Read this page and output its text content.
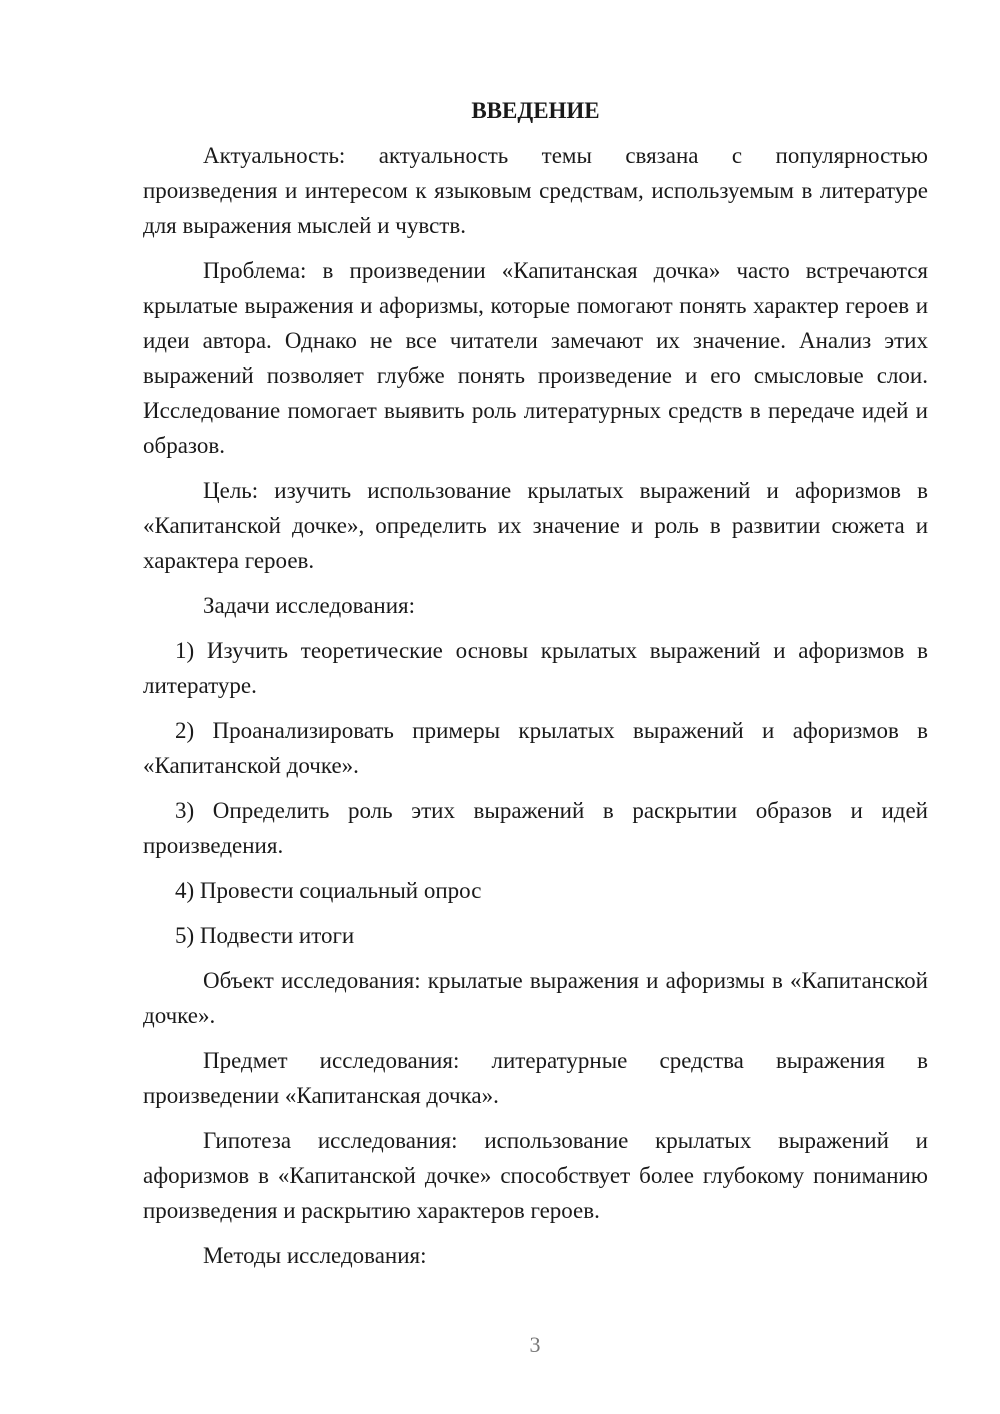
ВВЕДЕНИЕ

Актуальность: актуальность темы связана с популярностью произведения и интересом к языковым средствам, используемым в литературе для выражения мыслей и чувств.

Проблема: в произведении «Капитанская дочка» часто встречаются крылатые выражения и афоризмы, которые помогают понять характер героев и идеи автора. Однако не все читатели замечают их значение. Анализ этих выражений позволяет глубже понять произведение и его смысловые слои. Исследование помогает выявить роль литературных средств в передаче идей и образов.

Цель: изучить использование крылатых выражений и афоризмов в «Капитанской дочке», определить их значение и роль в развитии сюжета и характера героев.

Задачи исследования:

1) Изучить теоретические основы крылатых выражений и афоризмов в литературе.

2) Проанализировать примеры крылатых выражений и афоризмов в «Капитанской дочке».

3) Определить роль этих выражений в раскрытии образов и идей произведения.

4) Провести социальный опрос

5) Подвести итоги

Объект исследования: крылатые выражения и афоризмы в «Капитанской дочке».

Предмет исследования: литературные средства выражения в произведении «Капитанская дочка».

Гипотеза исследования: использование крылатых выражений и афоризмов в «Капитанской дочке» способствует более глубокому пониманию произведения и раскрытию характеров героев.

Методы исследования:

3
